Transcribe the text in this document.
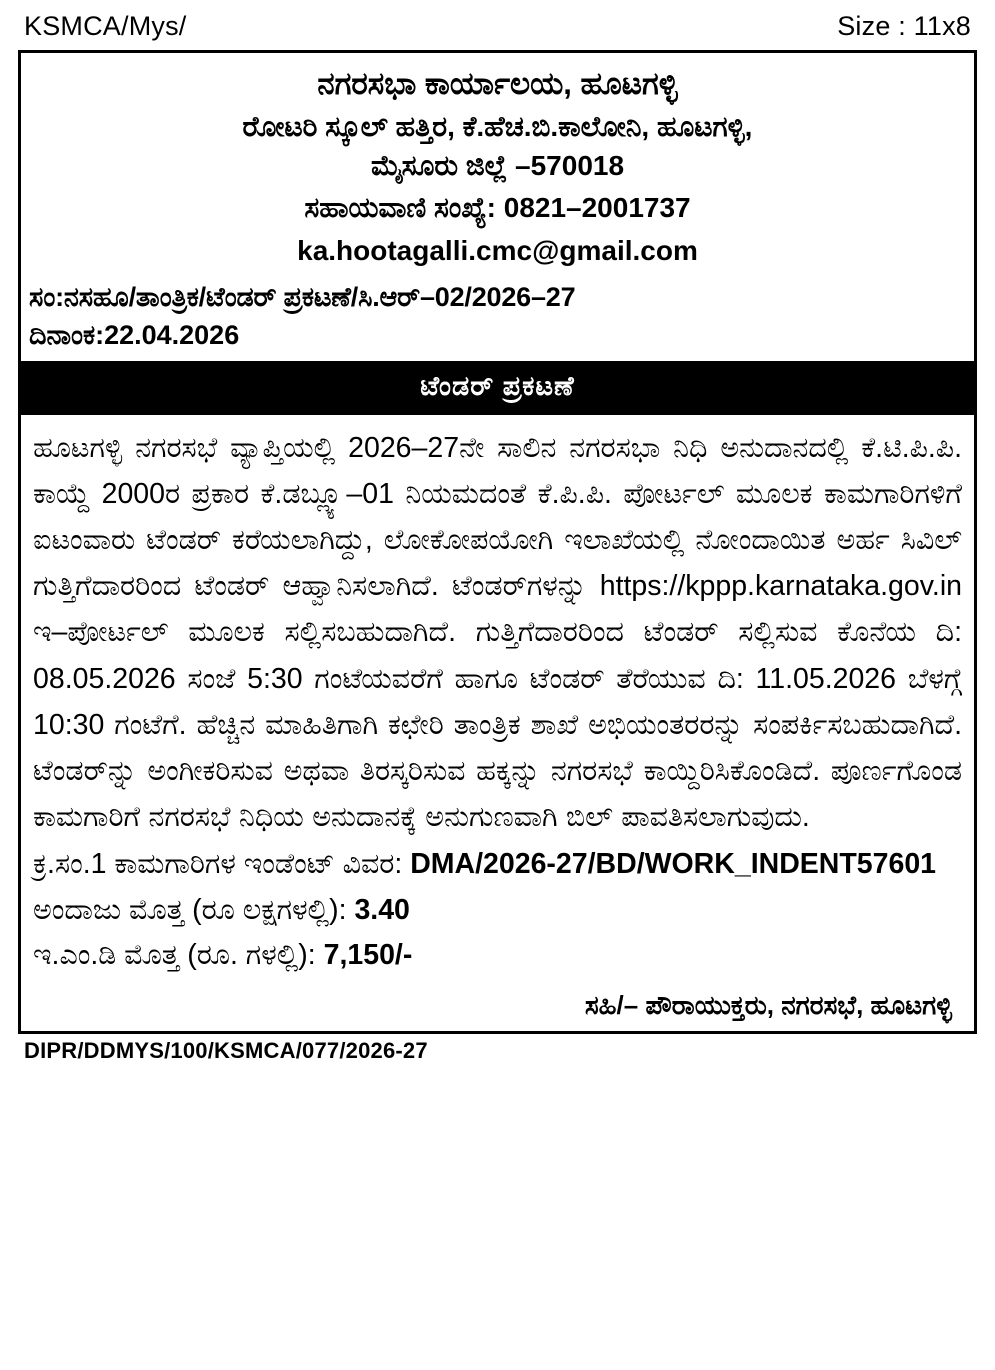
KSMCA/Mys/	Size : 11x8
ನಗರಸಭಾ ಕಾರ್ಯಾಲಯ, ಹೂಟಗಳ್ಳಿ
ರೋಟರಿ ಸ್ಕೂಲ್ ಹತ್ತಿರ, ಕೆ.ಹೆಚ.ಬಿ.ಕಾಲೋನಿ, ಹೂಟಗಳ್ಳಿ,
ಮೈಸೂರು ಜಿಲ್ಲೆ –570018
ಸಹಾಯವಾಣಿ ಸಂಖ್ಯೆ: 0821–2001737
ka.hootagalli.cmc@gmail.com
ಸಂ:ನಸಹೂ/ತಾಂತ್ರಿಕ/ಟೆಂಡರ್ ಪ್ರಕಟಣೆ/ಸಿ.ಆರ್–02/2026–27
ದಿನಾಂಕ:22.04.2026
ಟೆಂಡರ್ ಪ್ರಕಟಣೆ
ಹೂಟಗಳ್ಳಿ ನಗರಸಭೆ ವ್ಯಾಪ್ತಿಯಲ್ಲಿ 2026–27ನೇ ಸಾಲಿನ ನಗರಸಭಾ ನಿಧಿ ಅನುದಾನದಲ್ಲಿ ಕೆ.ಟಿ.ಪಿ.ಪಿ. ಕಾಯ್ದೆ 2000ರ ಪ್ರಕಾರ ಕೆ.ಡಬ್ಲ್ಯೂ–01 ನಿಯಮದಂತೆ ಕೆ.ಪಿ.ಪಿ. ಪೋರ್ಟಲ್ ಮೂಲಕ ಕಾಮಗಾರಿಗಳಿಗೆ ಐಟಂವಾರು ಟೆಂಡರ್ ಕರೆಯಲಾಗಿದ್ದು, ಲೋಕೋಪಯೋಗಿ ಇಲಾಖೆಯಲ್ಲಿ ನೋಂದಾಯಿತ ಅರ್ಹ ಸಿವಿಲ್ ಗುತ್ತಿಗೆದಾರರಿಂದ ಟೆಂಡರ್ ಆಹ್ವಾನಿಸಲಾಗಿದೆ. ಟೆಂಡರ್‌ಗಳನ್ನು https://kppp.karnataka.gov.in ಇ–ಪೋರ್ಟಲ್ ಮೂಲಕ ಸಲ್ಲಿಸಬಹುದಾಗಿದೆ. ಗುತ್ತಿಗೆದಾರರಿಂದ ಟೆಂಡರ್ ಸಲ್ಲಿಸುವ ಕೊನೆಯ ದಿ: 08.05.2026 ಸಂಜೆ 5:30 ಗಂಟೆಯವರೆಗೆ ಹಾಗೂ ಟೆಂಡರ್ ತೆರೆಯುವ ದಿ: 11.05.2026 ಬೆಳಗ್ಗೆ 10:30 ಗಂಟೆಗೆ. ಹೆಚ್ಚಿನ ಮಾಹಿತಿಗಾಗಿ ಕಛೇರಿ ತಾಂತ್ರಿಕ ಶಾಖೆ ಅಭಿಯಂತರರನ್ನು ಸಂಪರ್ಕಿಸಬಹುದಾಗಿದೆ. ಟೆಂಡರ್‌ನ್ನು ಅಂಗೀಕರಿಸುವ ಅಥವಾ ತಿರಸ್ಕರಿಸುವ ಹಕ್ಕನ್ನು ನಗರಸಭೆ ಕಾಯ್ದಿರಿಸಿಕೊಂಡಿದೆ. ಪೂರ್ಣಗೊಂಡ ಕಾಮಗಾರಿಗೆ ನಗರಸಭೆ ನಿಧಿಯ ಅನುದಾನಕ್ಕೆ ಅನುಗುಣವಾಗಿ ಬಿಲ್ ಪಾವತಿಸಲಾಗುವುದು.
ಕ್ರ.ಸಂ.1 ಕಾಮಗಾರಿಗಳ ಇಂಡೆಂಟ್ ವಿವರ: DMA/2026-27/BD/WORK_INDENT57601 ಅಂದಾಜು ಮೊತ್ತ (ರೂ ಲಕ್ಷಗಳಲ್ಲಿ): 3.40
ಇ.ಎಂ.ಡಿ ಮೊತ್ತ (ರೂ. ಗಳಲ್ಲಿ): 7,150/-
ಸಹಿ/– ಪೌರಾಯುಕ್ತರು, ನಗರಸಭೆ, ಹೂಟಗಳ್ಳಿ
DIPR/DDMYS/100/KSMCA/077/2026-27
